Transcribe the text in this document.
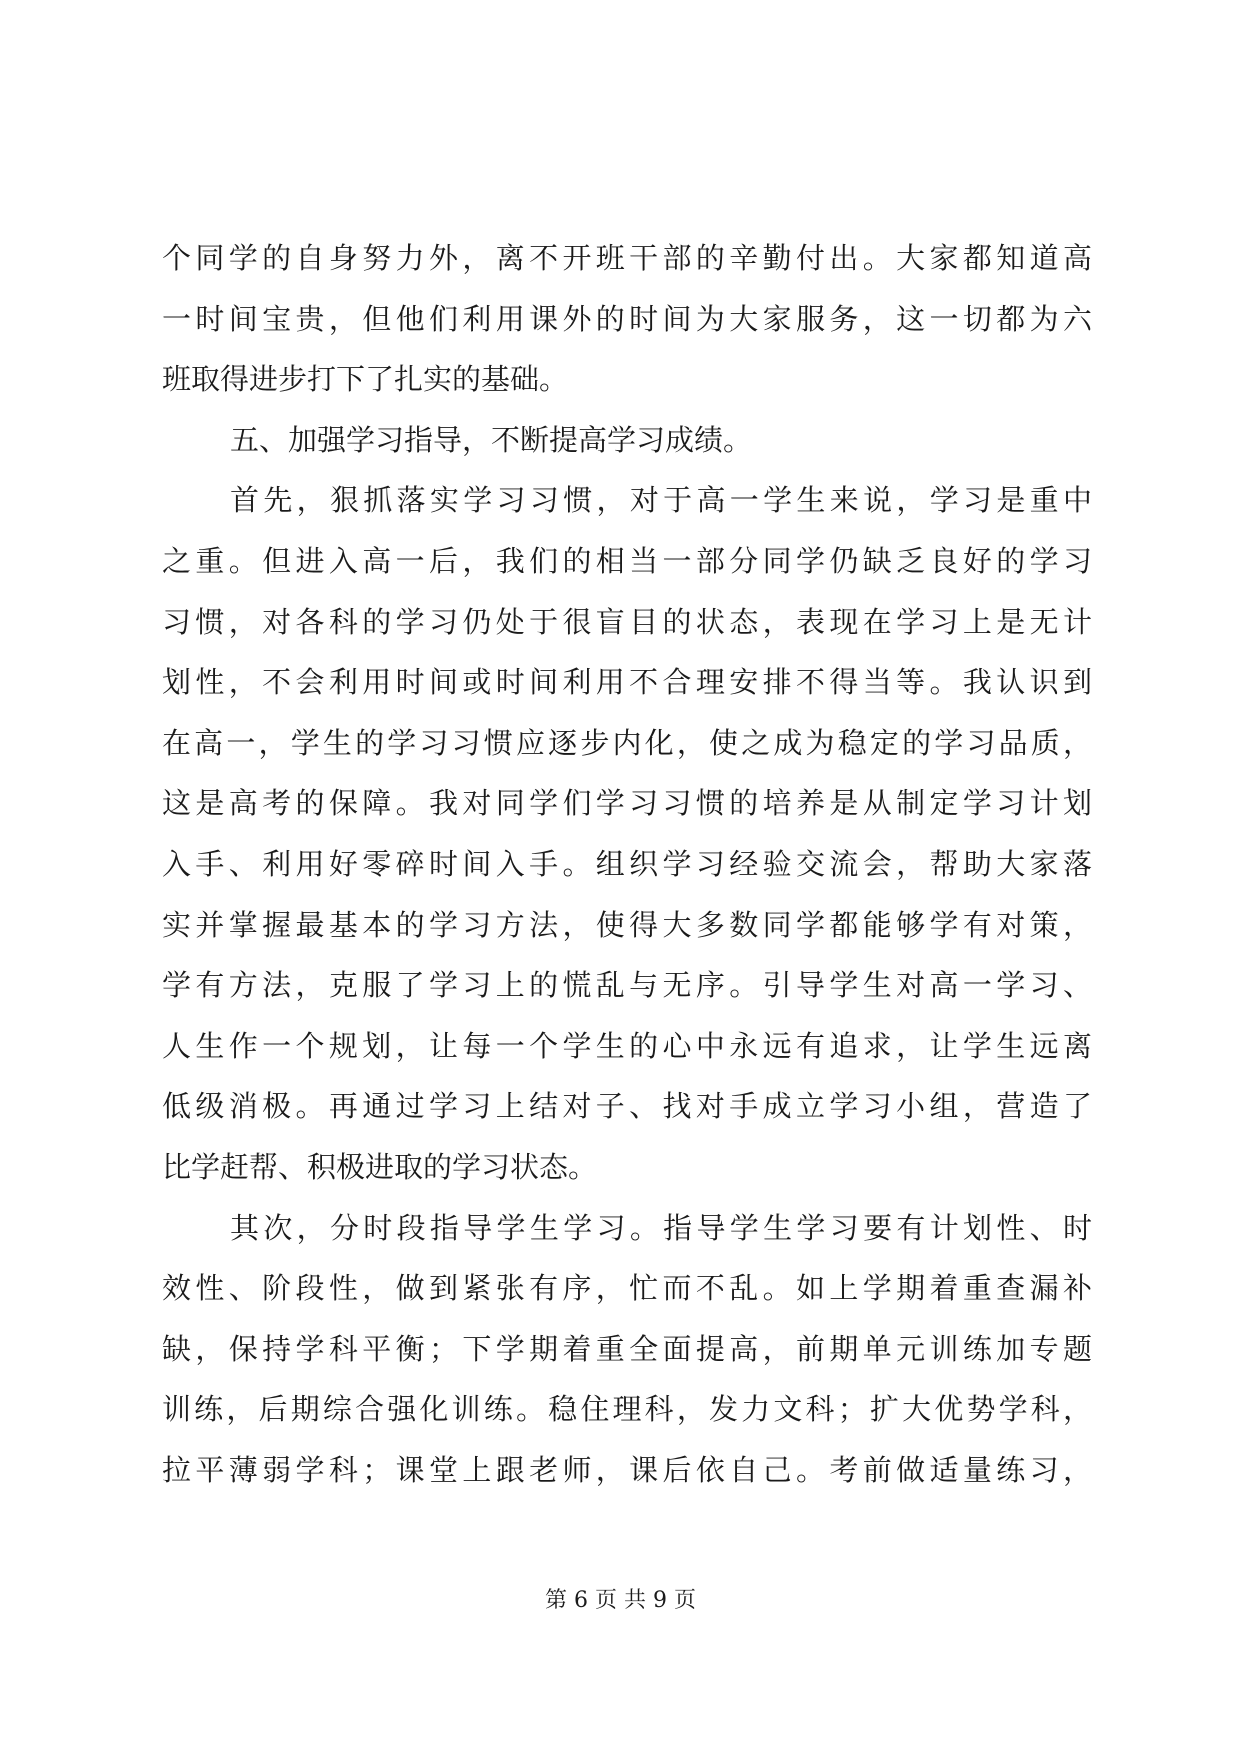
个同学的自身努力外，离不开班干部的辛勤付出。大家都知道高
一时间宝贵，但他们利用课外的时间为大家服务，这一切都为六
班取得进步打下了扎实的基础。
五、加强学习指导，不断提高学习成绩。
首先，狠抓落实学习习惯，对于高一学生来说，学习是重中
之重。但进入高一后，我们的相当一部分同学仍缺乏良好的学习
习惯，对各科的学习仍处于很盲目的状态，表现在学习上是无计
划性，不会利用时间或时间利用不合理安排不得当等。我认识到
在高一，学生的学习习惯应逐步内化，使之成为稳定的学习品质，
这是高考的保障。我对同学们学习习惯的培养是从制定学习计划
入手、利用好零碎时间入手。组织学习经验交流会，帮助大家落
实并掌握最基本的学习方法，使得大多数同学都能够学有对策，
学有方法，克服了学习上的慌乱与无序。引导学生对高一学习、
人生作一个规划，让每一个学生的心中永远有追求，让学生远离
低级消极。再通过学习上结对子、找对手成立学习小组，营造了
比学赶帮、积极进取的学习状态。
其次，分时段指导学生学习。指导学生学习要有计划性、时
效性、阶段性，做到紧张有序，忙而不乱。如上学期着重查漏补
缺，保持学科平衡；下学期着重全面提高，前期单元训练加专题
训练，后期综合强化训练。稳住理科，发力文科；扩大优势学科，
拉平薄弱学科；课堂上跟老师，课后依自己。考前做适量练习，
第 6 页 共 9 页
